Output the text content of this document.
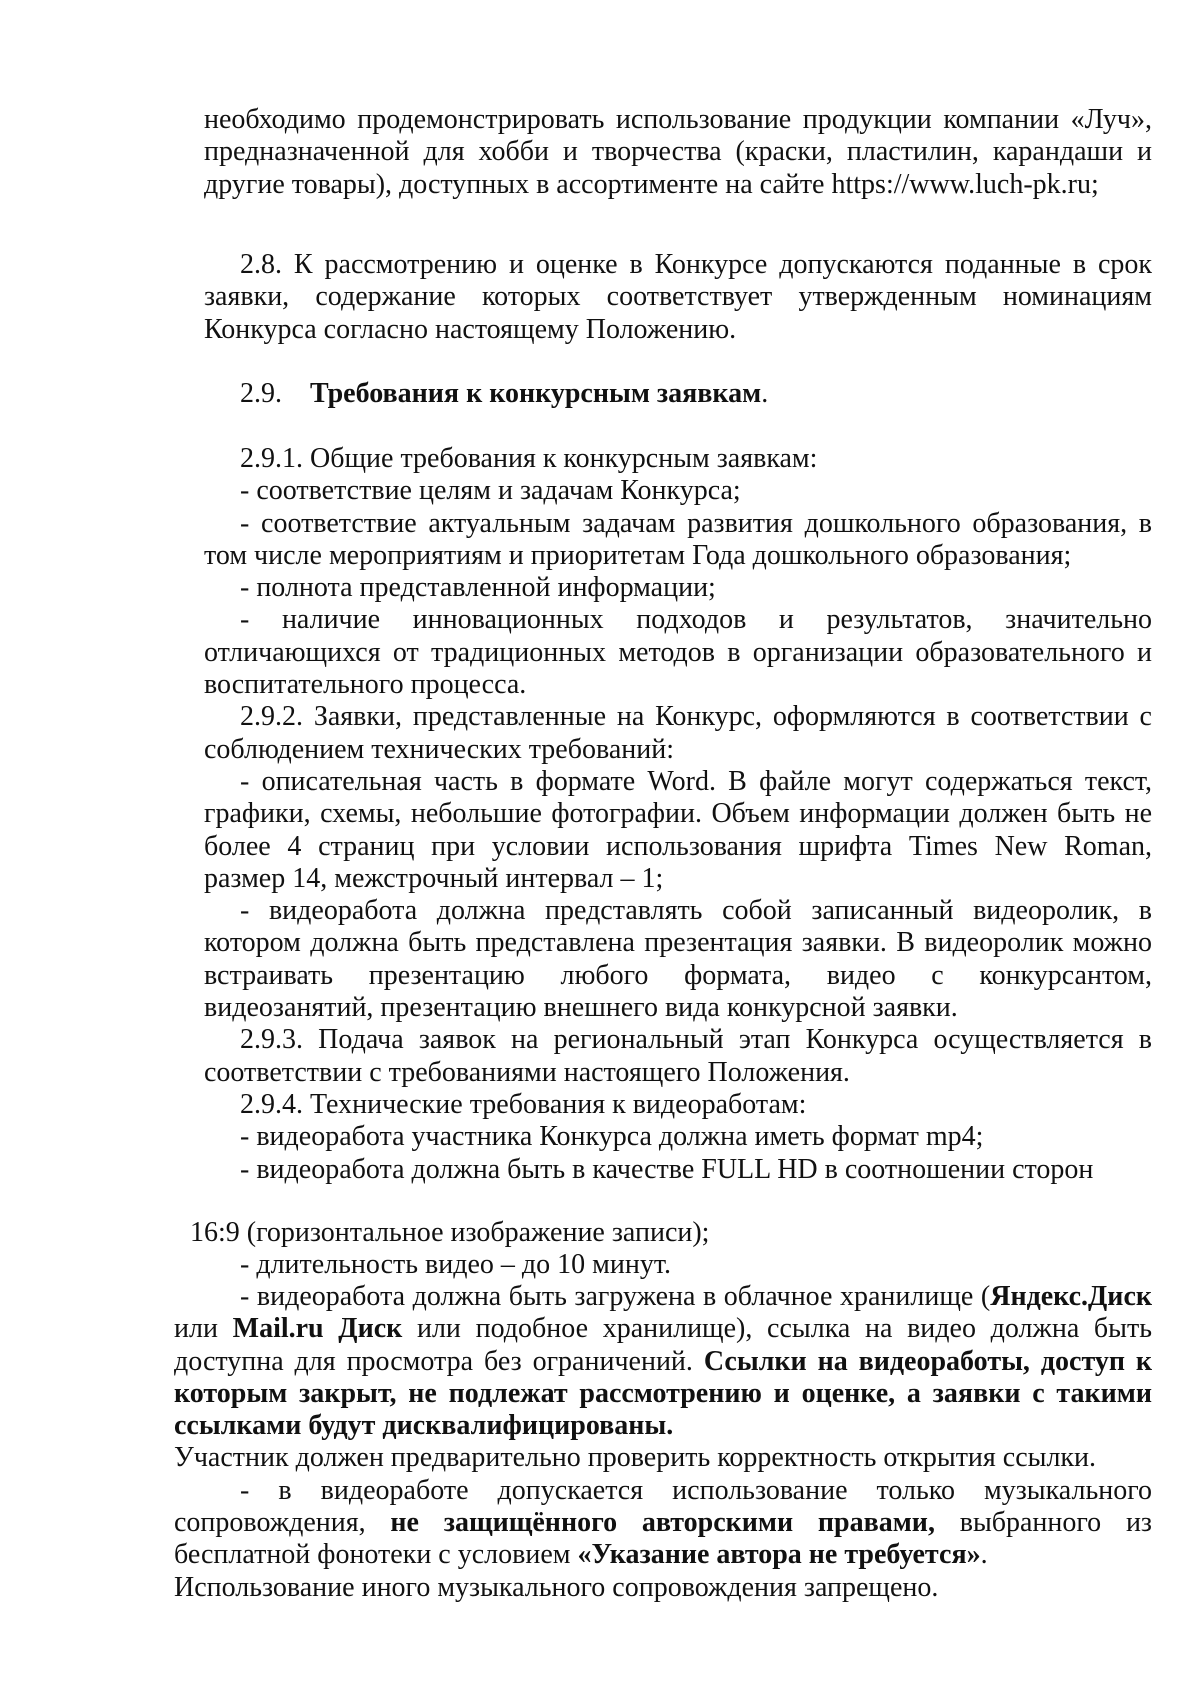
необходимо продемонстрировать использование продукции компании «Луч», предназначенной для хобби и творчества (краски, пластилин, карандаши и другие товары), доступных в ассортименте на сайте https://www.luch-pk.ru;

2.8. К рассмотрению и оценке в Конкурсе допускаются поданные в срок заявки, содержание которых соответствует утвержденным номинациям Конкурса согласно настоящему Положению.

2.9. Требования к конкурсным заявкам.

2.9.1. Общие требования к конкурсным заявкам:

- соответствие целям и задачам Конкурса;

- соответствие актуальным задачам развития дошкольного образования, в том числе мероприятиям и приоритетам Года дошкольного образования;

- полнота представленной информации;

- наличие инновационных подходов и результатов, значительно отличающихся от традиционных методов в организации образовательного и воспитательного процесса.

2.9.2. Заявки, представленные на Конкурс, оформляются в соответствии с соблюдением технических требований:

- описательная часть в формате Word. В файле могут содержаться текст, графики, схемы, небольшие фотографии. Объем информации должен быть не более 4 страниц при условии использования шрифта Times New Roman, размер 14, межстрочный интервал – 1;

- видеоработа должна представлять собой записанный видеоролик, в котором должна быть представлена презентация заявки. В видеоролик можно встраивать презентацию любого формата, видео с конкурсантом, видеозанятий, презентацию внешнего вида конкурсной заявки.

2.9.3. Подача заявок на региональный этап Конкурса осуществляется в соответствии с требованиями настоящего Положения.

2.9.4. Технические требования к видеоработам:

- видеоработа участника Конкурса должна иметь формат mp4;

- видеоработа должна быть в качестве FULL HD в соотношении сторон

16:9 (горизонтальное изображение записи);

- длительность видео – до 10 минут.

- видеоработа должна быть загружена в облачное хранилище (Яндекс.Диск или Mail.ru Диск или подобное хранилище), ссылка на видео должна быть доступна для просмотра без ограничений. Ссылки на видеоработы, доступ к которым закрыт, не подлежат рассмотрению и оценке, а заявки с такими ссылками будут дисквалифицированы.

Участник должен предварительно проверить корректность открытия ссылки.

- в видеоработе допускается использование только музыкального сопровождения, не защищённого авторскими правами, выбранного из бесплатной фонотеки с условием «Указание автора не требуется».

Использование иного музыкального сопровождения запрещено.
